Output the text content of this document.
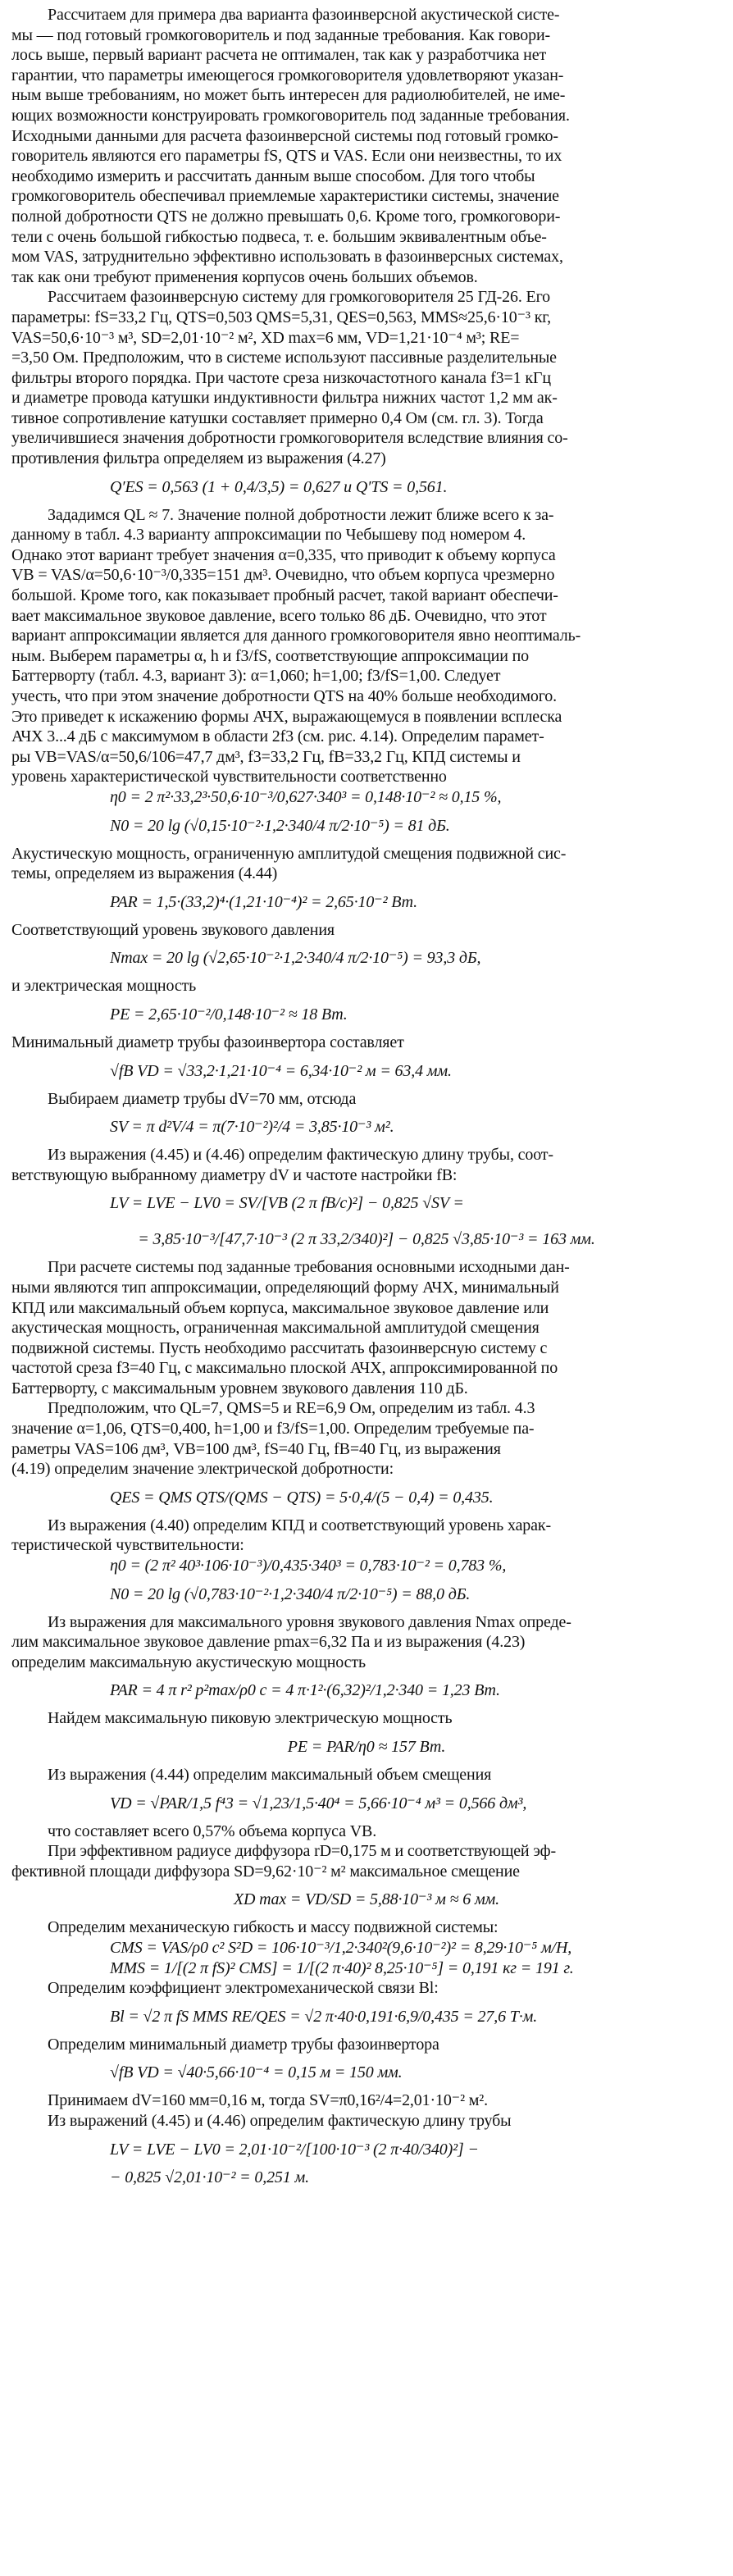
Рассчитаем для примера два варианта фазоинверсной акустической систе-
мы — под готовый громкоговоритель и под заданные требования. Как говори-
лось выше, первый вариант расчета не оптимален, так как у разработчика нет
гарантии, что параметры имеющегося громкоговорителя удовлетворяют указан-
ным выше требованиям, но может быть интересен для радиолюбителей, не име-
ющих возможности конструировать громкоговоритель под заданные требования.
Исходными данными для расчета фазоинверсной системы под готовый громко-
говоритель являются его параметры fS, QTS и VAS. Если они неизвестны, то их
необходимо измерить и рассчитать данным выше способом. Для того чтобы
громкоговоритель обеспечивал приемлемые характеристики системы, значение
полной добротности QTS не должно превышать 0,6. Кроме того, громкоговори-
тели с очень большой гибкостью подвеса, т. е. большим эквивалентным объе-
мом VAS, затруднительно эффективно использовать в фазоинверсных системах,
так как они требуют применения корпусов очень больших объемов.
Рассчитаем фазоинверсную систему для громкоговорителя 25 ГД-26. Его
параметры: fS=33,2 Гц, QTS=0,503 QMS=5,31, QES=0,563, MMS≈25,6·10⁻³ кг,
VAS=50,6·10⁻³ м³, SD=2,01·10⁻² м², XD max=6 мм, VD=1,21·10⁻⁴ м³; RE=
=3,50 Ом. Предположим, что в системе используют пассивные разделительные
фильтры второго порядка. При частоте среза низкочастотного канала f3=1 кГц
и диаметре провода катушки индуктивности фильтра нижних частот 1,2 мм ак-
тивное сопротивление катушки составляет примерно 0,4 Ом (см. гл. 3). Тогда
увеличившиеся значения добротности громкоговорителя вследствие влияния со-
противления фильтра определяем из выражения (4.27)
Q′ES = 0,563 (1 + 0,4/3,5) = 0,627 и Q′TS = 0,561.
Зададимся QL ≈ 7. Значение полной добротности лежит ближе всего к за-
данному в табл. 4.3 варианту аппроксимации по Чебышеву под номером 4.
Однако этот вариант требует значения α=0,335, что приводит к объему корпуса
VB = VAS/α=50,6·10⁻³/0,335=151 дм³. Очевидно, что объем корпуса чрезмерно
большой. Кроме того, как показывает пробный расчет, такой вариант обеспечи-
вает максимальное звуковое давление, всего только 86 дБ. Очевидно, что этот
вариант аппроксимации является для данного громкоговорителя явно неоптималь-
ным. Выберем параметры α, h и f3/fS, соответствующие аппроксимации по
Баттерворту (табл. 4.3, вариант 3): α=1,060; h=1,00; f3/fS=1,00. Следует
учесть, что при этом значение добротности QTS на 40% больше необходимого.
Это приведет к искажению формы АЧХ, выражающемуся в появлении всплеска
АЧХ 3...4 дБ с максимумом в области 2f3 (см. рис. 4.14). Определим парамет-
ры VB=VAS/α=50,6/106=47,7 дм³, f3=33,2 Гц, fB=33,2 Гц, КПД системы и
уровень характеристической чувствительности соответственно
η0 = 2 π²·33,2³·50,6·10⁻³/0,627·340³ = 0,148·10⁻² ≈ 0,15 %,
N0 = 20 lg (√0,15·10⁻²·1,2·340/4 π/2·10⁻⁵) = 81 дБ.
Акустическую мощность, ограниченную амплитудой смещения подвижной сис-
темы, определяем из выражения (4.44)
PAR = 1,5·(33,2)⁴·(1,21·10⁻⁴)² = 2,65·10⁻² Вт.
Соответствующий уровень звукового давления
Nmax = 20 lg (√2,65·10⁻²·1,2·340/4 π/2·10⁻⁵) = 93,3 дБ,
и электрическая мощность
PE = 2,65·10⁻²/0,148·10⁻² ≈ 18 Вт.
Минимальный диаметр трубы фазоинвертора составляет
√fB VD = √33,2·1,21·10⁻⁴ = 6,34·10⁻² м = 63,4 мм.
Выбираем диаметр трубы dV=70 мм, отсюда
SV = π d²V/4 = π(7·10⁻²)²/4 = 3,85·10⁻³ м².
Из выражения (4.45) и (4.46) определим фактическую длину трубы, соот-
ветствующую выбранному диаметру dV и частоте настройки fB:
LV = LVE − LV0 = SV/[VB (2 π fB/c)²] − 0,825 √SV =
= 3,85·10⁻³/[47,7·10⁻³ (2 π 33,2/340)²] − 0,825 √3,85·10⁻³ = 163 мм.
При расчете системы под заданные требования основными исходными дан-
ными являются тип аппроксимации, определяющий форму АЧХ, минимальный
КПД или максимальный объем корпуса, максимальное звуковое давление или
акустическая мощность, ограниченная максимальной амплитудой смещения
подвижной системы. Пусть необходимо рассчитать фазоинверсную систему с
частотой среза f3=40 Гц, с максимально плоской АЧХ, аппроксимированной по
Баттерворту, с максимальным уровнем звукового давления 110 дБ.
Предположим, что QL=7, QMS=5 и RE=6,9 Ом, определим из табл. 4.3
значение α=1,06, QTS=0,400, h=1,00 и f3/fS=1,00. Определим требуемые па-
раметры VAS=106 дм³, VB=100 дм³, fS=40 Гц, fB=40 Гц, из выражения
(4.19) определим значение электрической добротности:
QES = QMS QTS/(QMS − QTS) = 5·0,4/(5 − 0,4) = 0,435.
Из выражения (4.40) определим КПД и соответствующий уровень харак-
теристической чувствительности:
η0 = (2 π² 40³·106·10⁻³)/0,435·340³ = 0,783·10⁻² = 0,783 %,
N0 = 20 lg (√0,783·10⁻²·1,2·340/4 π/2·10⁻⁵) = 88,0 дБ.
Из выражения для максимального уровня звукового давления Nmax опреде-
лим максимальное звуковое давление pmax=6,32 Па и из выражения (4.23)
определим максимальную акустическую мощность
PAR = 4 π r² p²max/ρ0 c = 4 π·1²·(6,32)²/1,2·340 = 1,23 Вт.
Найдем максимальную пиковую электрическую мощность
PE = PAR/η0 ≈ 157 Вт.
Из выражения (4.44) определим максимальный объем смещения
VD = √PAR/1,5 f⁴3 = √1,23/1,5·40⁴ = 5,66·10⁻⁴ м³ = 0,566 дм³,
что составляет всего 0,57% объема корпуса VB.
При эффективном радиусе диффузора rD=0,175 м и соответствующей эф-
фективной площади диффузора SD=9,62·10⁻² м² максимальное смещение
XD max = VD/SD = 5,88·10⁻³ м ≈ 6 мм.
Определим механическую гибкость и массу подвижной системы:
CMS = VAS/ρ0 c² S²D = 106·10⁻³/1,2·340²(9,6·10⁻²)² = 8,29·10⁻⁵ м/Н,
MMS = 1/[(2 π fS)² CMS] = 1/[(2 π·40)² 8,25·10⁻⁵] = 0,191 кг = 191 г.
Определим коэффициент электромеханической связи Bl:
Bl = √2 π fS MMS RE/QES = √2 π·40·0,191·6,9/0,435 = 27,6 Т·м.
Определим минимальный диаметр трубы фазоинвертора
√fB VD = √40·5,66·10⁻⁴ = 0,15 м = 150 мм.
Принимаем dV=160 мм=0,16 м, тогда SV=π0,16²/4=2,01·10⁻² м².
Из выражений (4.45) и (4.46) определим фактическую длину трубы
LV = LVE − LV0 = 2,01·10⁻²/[100·10⁻³ (2 π·40/340)²] −
− 0,825 √2,01·10⁻² = 0,251 м.
